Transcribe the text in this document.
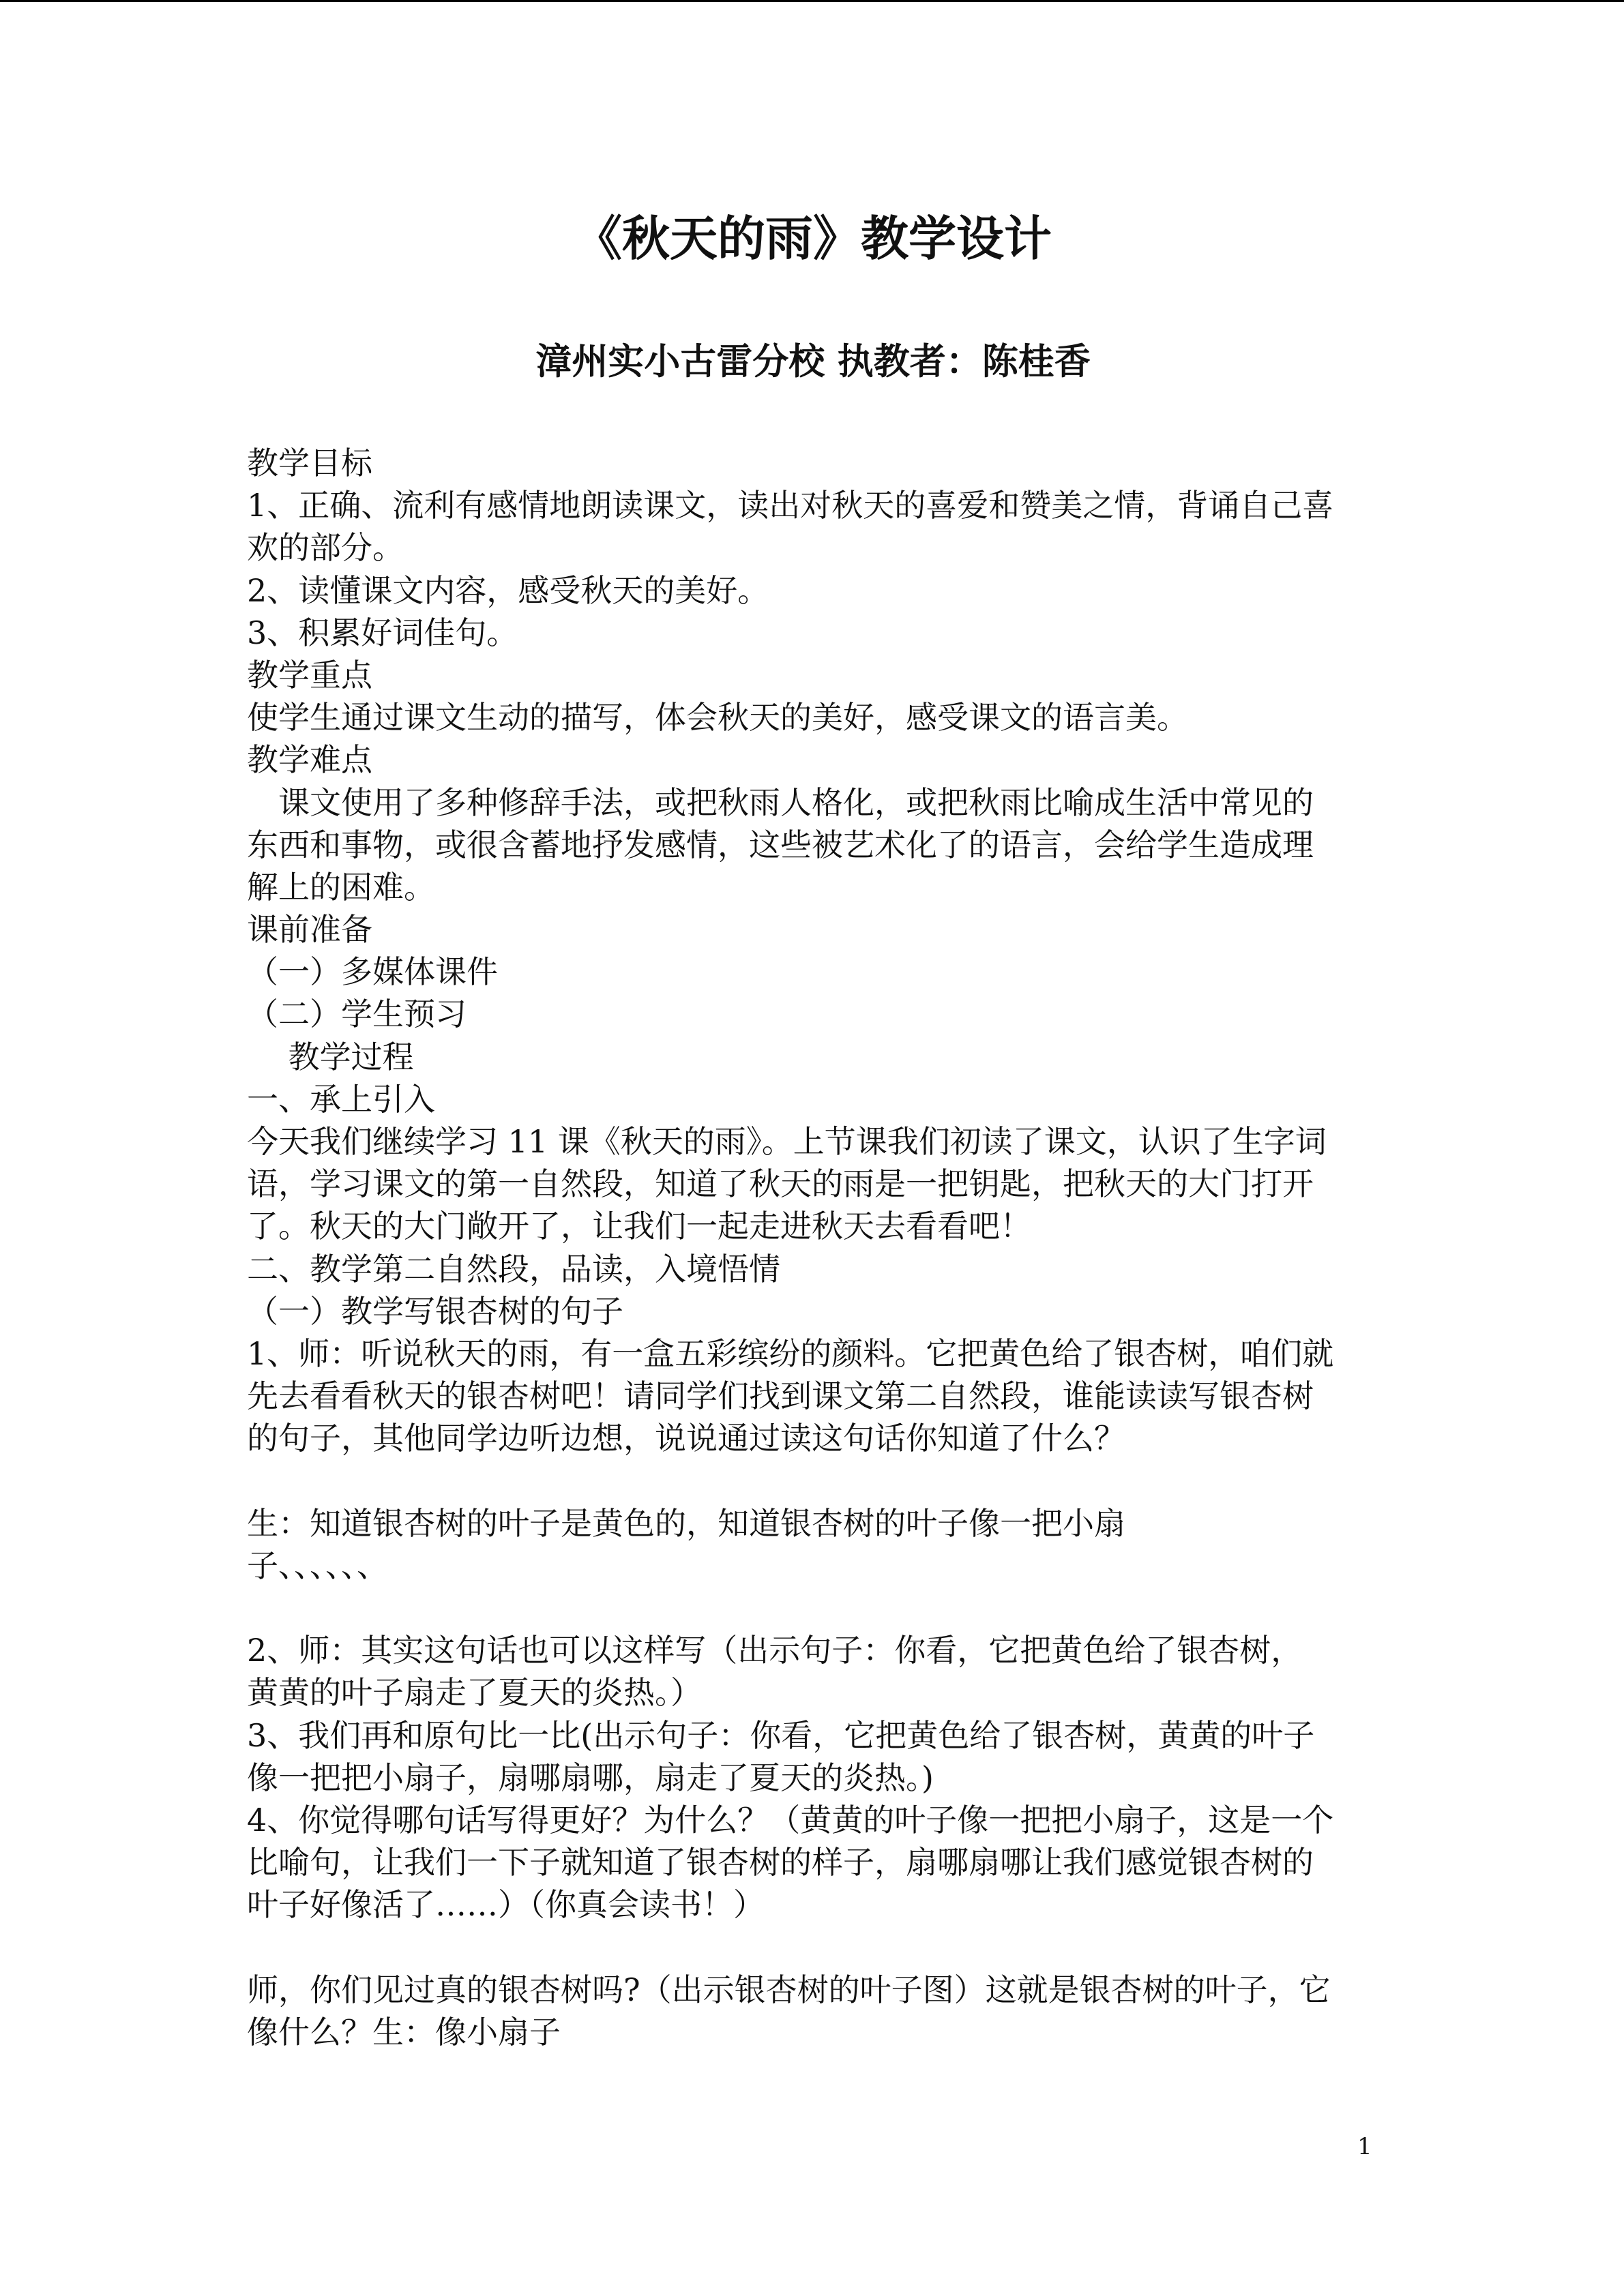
《秋天的雨》教学设计
漳州实小古雷分校 执教者：陈桂香
教学目标
1、正确、流利有感情地朗读课文，读出对秋天的喜爱和赞美之情，背诵自己喜
欢的部分。
2、读懂课文内容，感受秋天的美好。
3、积累好词佳句。
教学重点
使学生通过课文生动的描写，体会秋天的美好，感受课文的语言美。
教学难点
　课文使用了多种修辞手法，或把秋雨人格化，或把秋雨比喻成生活中常见的
东西和事物，或很含蓄地抒发感情，这些被艺术化了的语言，会给学生造成理
解上的困难。
课前准备
（一）多媒体课件
（二）学生预习
　 教学过程
一、承上引入
今天我们继续学习 11 课《秋天的雨》。上节课我们初读了课文，认识了生字词
语，学习课文的第一自然段，知道了秋天的雨是一把钥匙，把秋天的大门打开
了。秋天的大门敞开了，让我们一起走进秋天去看看吧！
二、教学第二自然段，品读，入境悟情
（一）教学写银杏树的句子
1、师：听说秋天的雨，有一盒五彩缤纷的颜料。它把黄色给了银杏树，咱们就
先去看看秋天的银杏树吧！请同学们找到课文第二自然段，谁能读读写银杏树
的句子，其他同学边听边想，说说通过读这句话你知道了什么？
生：知道银杏树的叶子是黄色的，知道银杏树的叶子像一把小扇
子、、、、、、
2、师：其实这句话也可以这样写（出示句子：你看，它把黄色给了银杏树，
黄黄的叶子扇走了夏天的炎热。）
3、我们再和原句比一比(出示句子：你看，它把黄色给了银杏树，黄黄的叶子
像一把把小扇子，扇哪扇哪，扇走了夏天的炎热。)
4、你觉得哪句话写得更好？为什么？（黄黄的叶子像一把把小扇子，这是一个
比喻句，让我们一下子就知道了银杏树的样子，扇哪扇哪让我们感觉银杏树的
叶子好像活了……）（你真会读书！）
师，你们见过真的银杏树吗?（出示银杏树的叶子图）这就是银杏树的叶子，它
像什么？生：像小扇子
1
